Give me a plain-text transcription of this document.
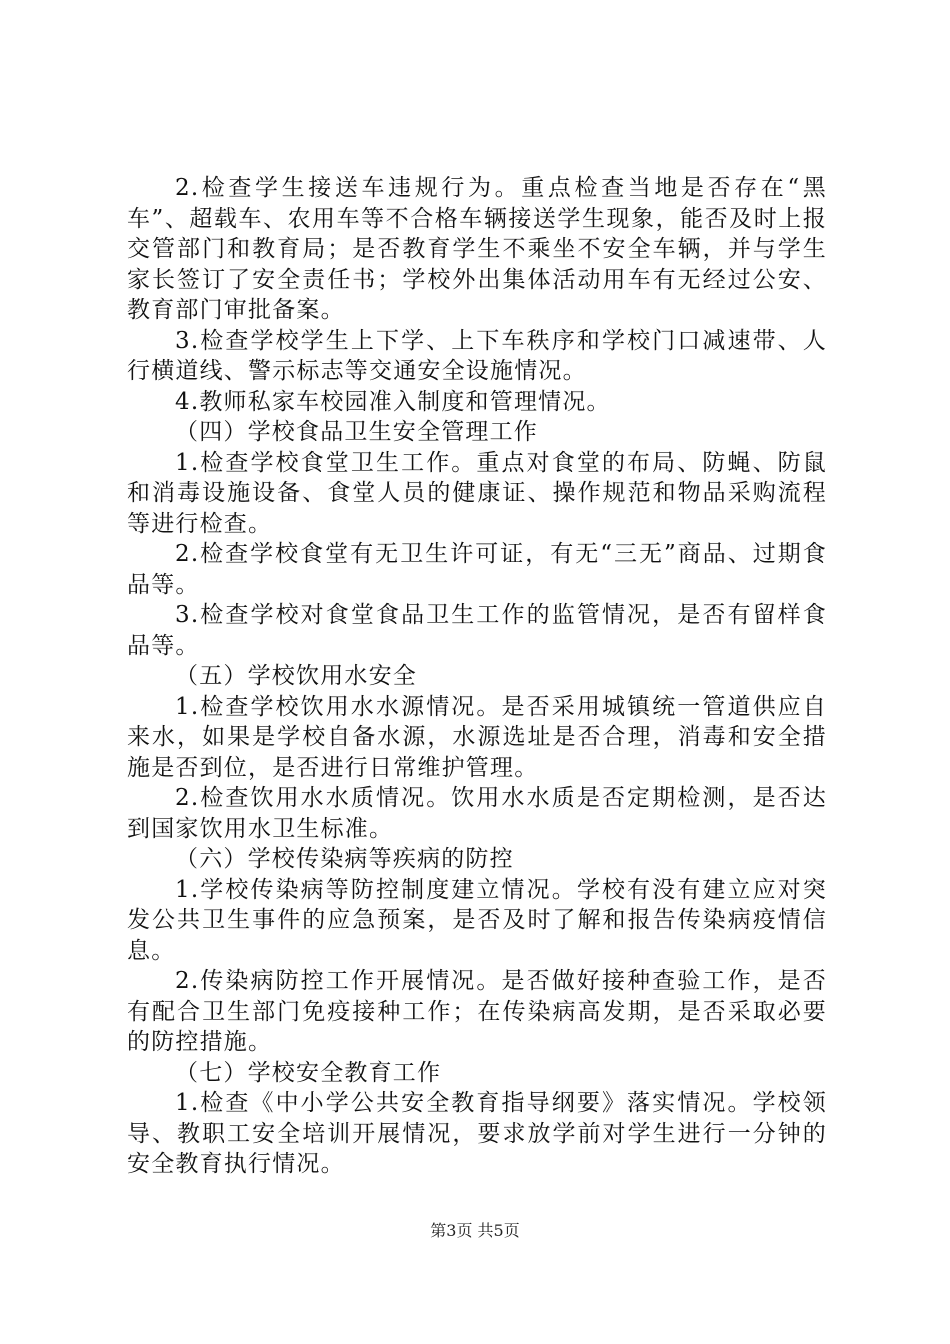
2.检查学生接送车违规行为。重点检查当地是否存在“黑车”、超载车、农用车等不合格车辆接送学生现象，能否及时上报交管部门和教育局；是否教育学生不乘坐不安全车辆，并与学生家长签订了安全责任书；学校外出集体活动用车有无经过公安、教育部门审批备案。

3.检查学校学生上下学、上下车秩序和学校门口减速带、人行横道线、警示标志等交通安全设施情况。

4.教师私家车校园准入制度和管理情况。

（四）学校食品卫生安全管理工作

1.检查学校食堂卫生工作。重点对食堂的布局、防蝇、防鼠和消毒设施设备、食堂人员的健康证、操作规范和物品采购流程等进行检查。

2.检查学校食堂有无卫生许可证，有无“三无”商品、过期食品等。

3.检查学校对食堂食品卫生工作的监管情况，是否有留样食品等。

（五）学校饮用水安全

1.检查学校饮用水水源情况。是否采用城镇统一管道供应自来水，如果是学校自备水源，水源选址是否合理，消毒和安全措施是否到位，是否进行日常维护管理。

2.检查饮用水水质情况。饮用水水质是否定期检测，是否达到国家饮用水卫生标准。

（六）学校传染病等疾病的防控

1.学校传染病等防控制度建立情况。学校有没有建立应对突发公共卫生事件的应急预案，是否及时了解和报告传染病疫情信息。

2.传染病防控工作开展情况。是否做好接种查验工作，是否有配合卫生部门免疫接种工作；在传染病高发期，是否采取必要的防控措施。

（七）学校安全教育工作

1.检查《中小学公共安全教育指导纲要》落实情况。学校领导、教职工安全培训开展情况，要求放学前对学生进行一分钟的安全教育执行情况。

第3页 共5页
